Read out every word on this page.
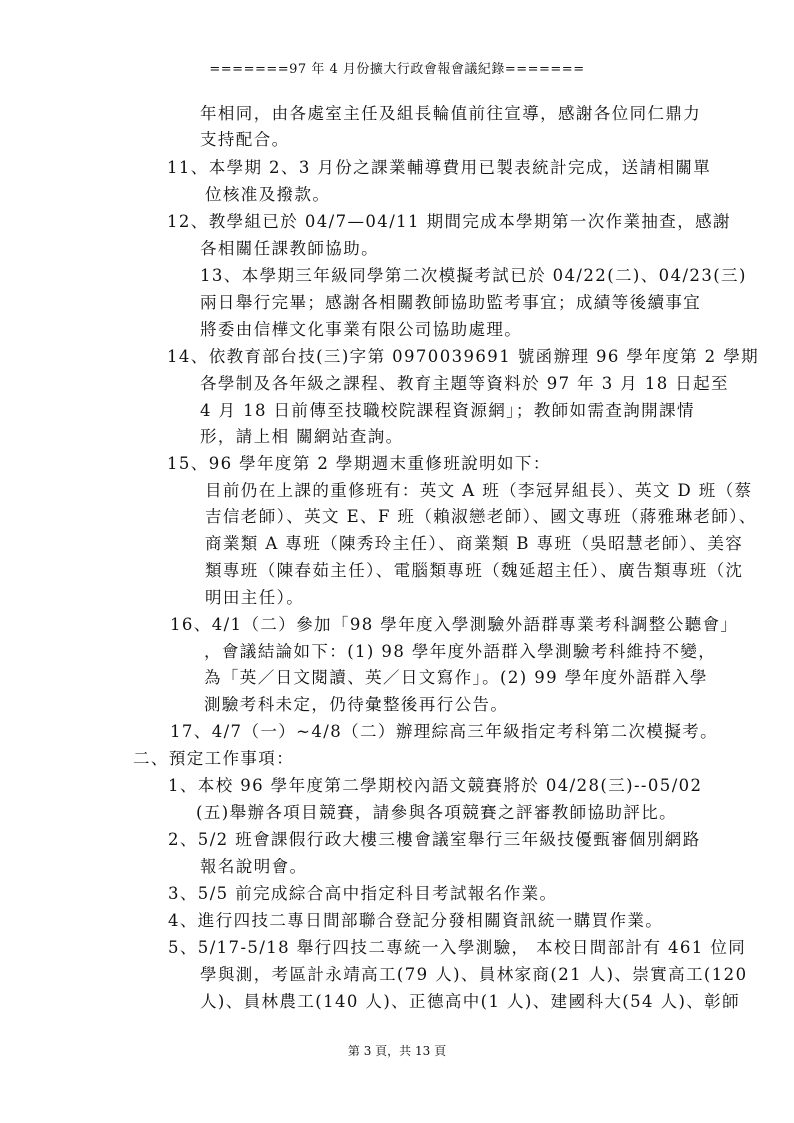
=======97 年 4 月份擴大行政會報會議紀錄=======
年相同，由各處室主任及組長輪值前往宣導，感謝各位同仁鼎力
支持配合。
11、本學期 2、3 月份之課業輔導費用已製表統計完成，送請相關單
位核准及撥款。
12、教學組已於 04/7—04/11 期間完成本學期第一次作業抽查，感謝
各相關任課教師協助。
13、本學期三年級同學第二次模擬考試已於 04/22(二)、04/23(三)
兩日舉行完畢；感謝各相關教師協助監考事宜；成績等後續事宜
將委由信樺文化事業有限公司協助處理。
14、依教育部台技(三)字第 0970039691 號函辦理 96 學年度第 2 學期
各學制及各年級之課程、教育主題等資料於 97 年 3 月 18 日起至
4 月 18 日前傳至技職校院課程資源網」；教師如需查詢開課情
形，請上相 關網站查詢。
15、96 學年度第 2 學期週末重修班說明如下：
目前仍在上課的重修班有：英文 A 班（李冠昇組長）、英文 D 班（蔡
吉信老師）、英文 E、F 班（賴淑戀老師）、國文專班（蔣雅琳老師）、
商業類 A 專班（陳秀玲主任）、商業類 B 專班（吳昭慧老師）、美容
類專班（陳春茹主任）、電腦類專班（魏延超主任）、廣告類專班（沈
明田主任）。
16、4/1（二）參加「98 學年度入學測驗外語群專業考科調整公聽會」
，會議結論如下：(1) 98 學年度外語群入學測驗考科維持不變，
為「英／日文閱讀、英／日文寫作」。(2) 99 學年度外語群入學
測驗考科未定，仍待彙整後再行公告。
17、4/7（一）~4/8（二）辦理綜高三年級指定考科第二次模擬考。
二、預定工作事項：
1、本校 96 學年度第二學期校內語文競賽將於 04/28(三)--05/02
(五)舉辦各項目競賽，請參與各項競賽之評審教師協助評比。
2、5/2 班會課假行政大樓三樓會議室舉行三年級技優甄審個別網路
報名說明會。
3、5/5 前完成綜合高中指定科目考試報名作業。
4、進行四技二專日間部聯合登記分發相關資訊統一購買作業。
5、5/17-5/18 舉行四技二專統一入學測驗， 本校日間部計有 461 位同
學與測，考區計永靖高工(79 人)、員林家商(21 人)、崇實高工(120
人)、員林農工(140 人)、正德高中(1 人)、建國科大(54 人)、彰師
第 3 頁，共 13 頁
